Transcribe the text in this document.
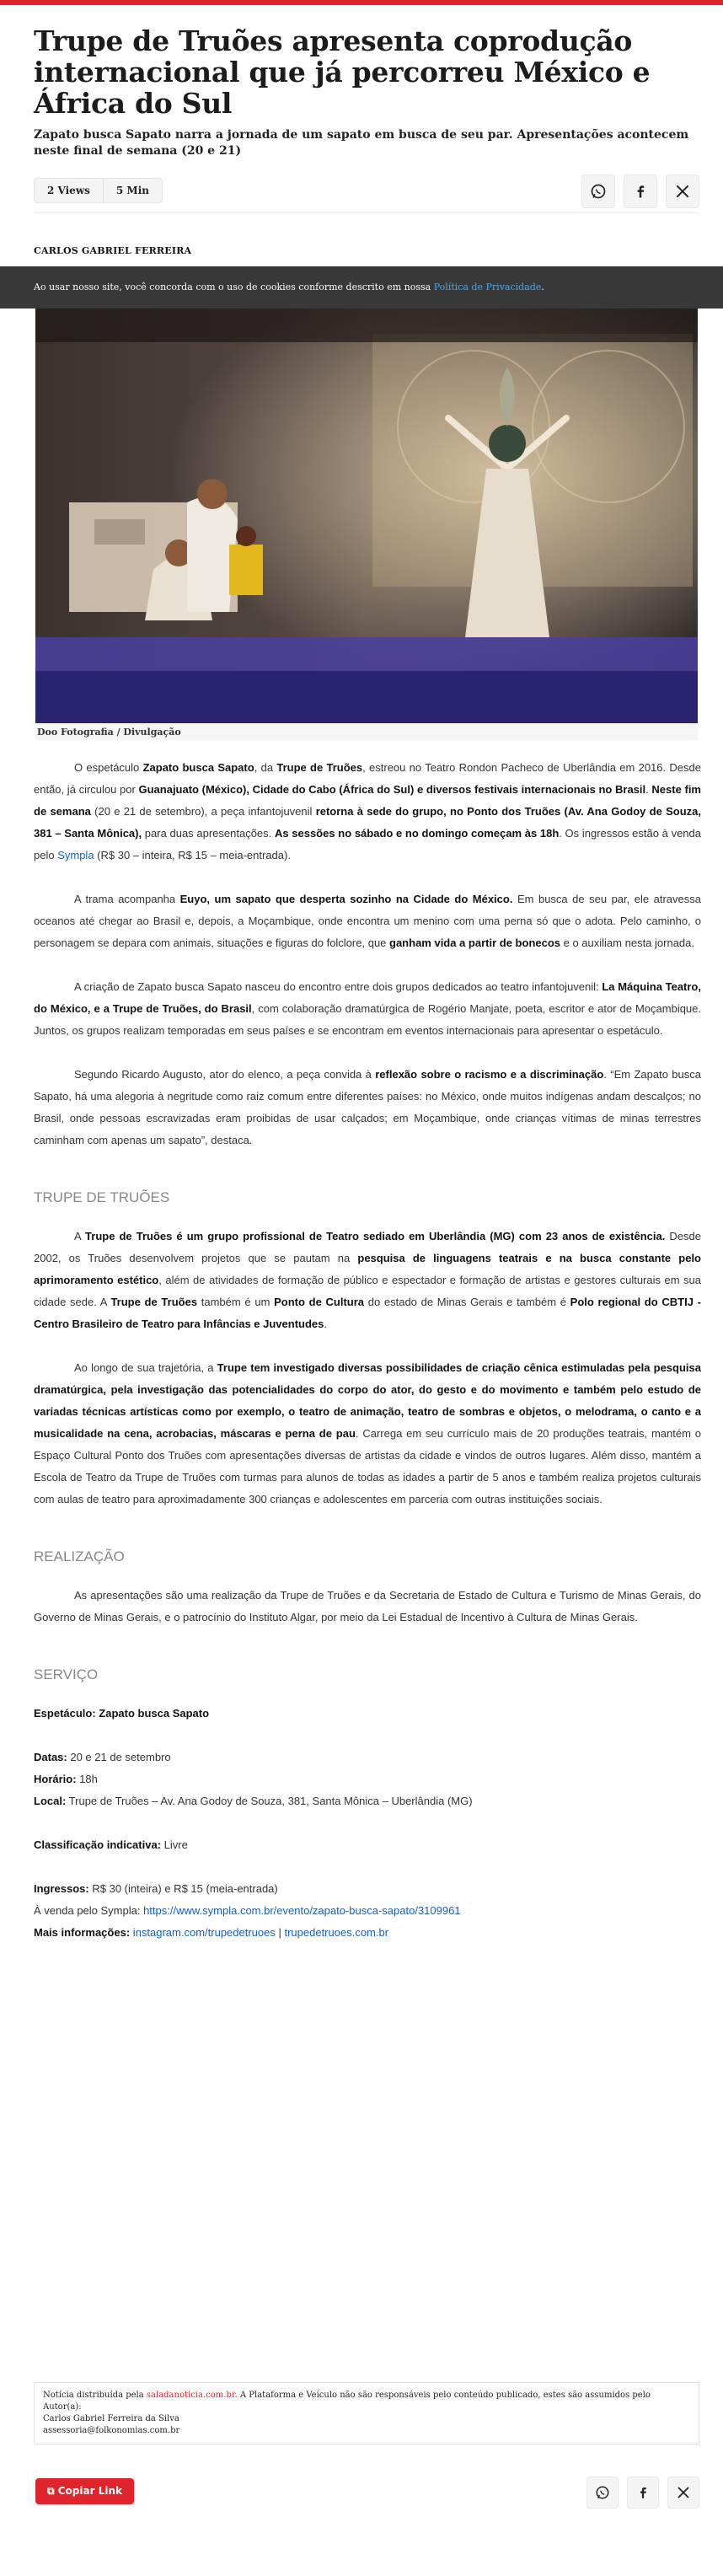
Trupe de Truões apresenta coprodução internacional que já percorreu México e África do Sul
Zapato busca Sapato narra a jornada de um sapato em busca de seu par. Apresentações acontecem neste final de semana (20 e 21)
2 Views	5 Min
CARLOS GABRIEL FERREIRA
Ao usar nosso site, você concorda com o uso de cookies conforme descrito em nossa Política de Privacidade.
Doo Fotografia / Divulgação

O espetáculo Zapato busca Sapato, da Trupe de Truões, estreou no Teatro Rondon Pacheco de Uberlândia em 2016. Desde então, já circulou por Guanajuato (México), Cidade do Cabo (África do Sul) e diversos festivais internacionais no Brasil. Neste fim de semana (20 e 21 de setembro), a peça infantojuvenil retorna à sede do grupo, no Ponto dos Truões (Av. Ana Godoy de Souza, 381 – Santa Mônica), para duas apresentações. As sessões no sábado e no domingo começam às 18h. Os ingressos estão à venda pelo Sympla (R$ 30 – inteira, R$ 15 – meia-entrada).

A trama acompanha Euyo, um sapato que desperta sozinho na Cidade do México. Em busca de seu par, ele atravessa oceanos até chegar ao Brasil e, depois, a Moçambique, onde encontra um menino com uma perna só que o adota. Pelo caminho, o personagem se depara com animais, situações e figuras do folclore, que ganham vida a partir de bonecos e o auxiliam nesta jornada.

A criação de Zapato busca Sapato nasceu do encontro entre dois grupos dedicados ao teatro infantojuvenil: La Máquina Teatro, do México, e a Trupe de Truões, do Brasil, com colaboração dramatúrgica de Rogério Manjate, poeta, escritor e ator de Moçambique. Juntos, os grupos realizam temporadas em seus países e se encontram em eventos internacionais para apresentar o espetáculo.

Segundo Ricardo Augusto, ator do elenco, a peça convida à reflexão sobre o racismo e a discriminação. “Em Zapato busca Sapato, há uma alegoria à negritude como raiz comum entre diferentes países: no México, onde muitos indígenas andam descalços; no Brasil, onde pessoas escravizadas eram proibidas de usar calçados; em Moçambique, onde crianças vítimas de minas terrestres caminham com apenas um sapato”, destaca.

TRUPE DE TRUÕES

A Trupe de Truões é um grupo profissional de Teatro sediado em Uberlândia (MG) com 23 anos de existência. Desde 2002, os Truões desenvolvem projetos que se pautam na pesquisa de linguagens teatrais e na busca constante pelo aprimoramento estético, além de atividades de formação de público e espectador e formação de artistas e gestores culturais em sua cidade sede. A Trupe de Truões também é um Ponto de Cultura do estado de Minas Gerais e também é Polo regional do CBTIJ - Centro Brasileiro de Teatro para Infâncias e Juventudes.

Ao longo de sua trajetória, a Trupe tem investigado diversas possibilidades de criação cênica estimuladas pela pesquisa dramatúrgica, pela investigação das potencialidades do corpo do ator, do gesto e do movimento e também pelo estudo de variadas técnicas artísticas como por exemplo, o teatro de animação, teatro de sombras e objetos, o melodrama, o canto e a musicalidade na cena, acrobacias, máscaras e perna de pau. Carrega em seu currículo mais de 20 produções teatrais, mantém o Espaço Cultural Ponto dos Truões com apresentações diversas de artistas da cidade e vindos de outros lugares. Além disso, mantém a Escola de Teatro da Trupe de Truões com turmas para alunos de todas as idades a partir de 5 anos e também realiza projetos culturais com aulas de teatro para aproximadamente 300 crianças e adolescentes em parceria com outras instituições sociais.

REALIZAÇÃO

As apresentações são uma realização da Trupe de Truões e da Secretaria de Estado de Cultura e Turismo de Minas Gerais, do Governo de Minas Gerais, e o patrocínio do Instituto Algar, por meio da Lei Estadual de Incentivo à Cultura de Minas Gerais.

SERVIÇO

Espetáculo: Zapato busca Sapato

Datas: 20 e 21 de setembro

Horário: 18h

Local: Trupe de Truões – Av. Ana Godoy de Souza, 381, Santa Mônica – Uberlândia (MG)

Classificação indicativa: Livre

Ingressos: R$ 30 (inteira) e R$ 15 (meia-entrada)

À venda pelo Sympla: https://www.sympla.com.br/evento/zapato-busca-sapato/3109961

Mais informações: instagram.com/trupedetruoes | trupedetruoes.com.br

Notícia distribuída pela saladanoticia.com.br. A Plataforma e Veículo não são responsáveis pelo conteúdo publicado, estes são assumidos pelo Autor(a):
Carlos Gabriel Ferreira da Silva
assessoria@folkonomias.com.br
⧉ Copiar Link
